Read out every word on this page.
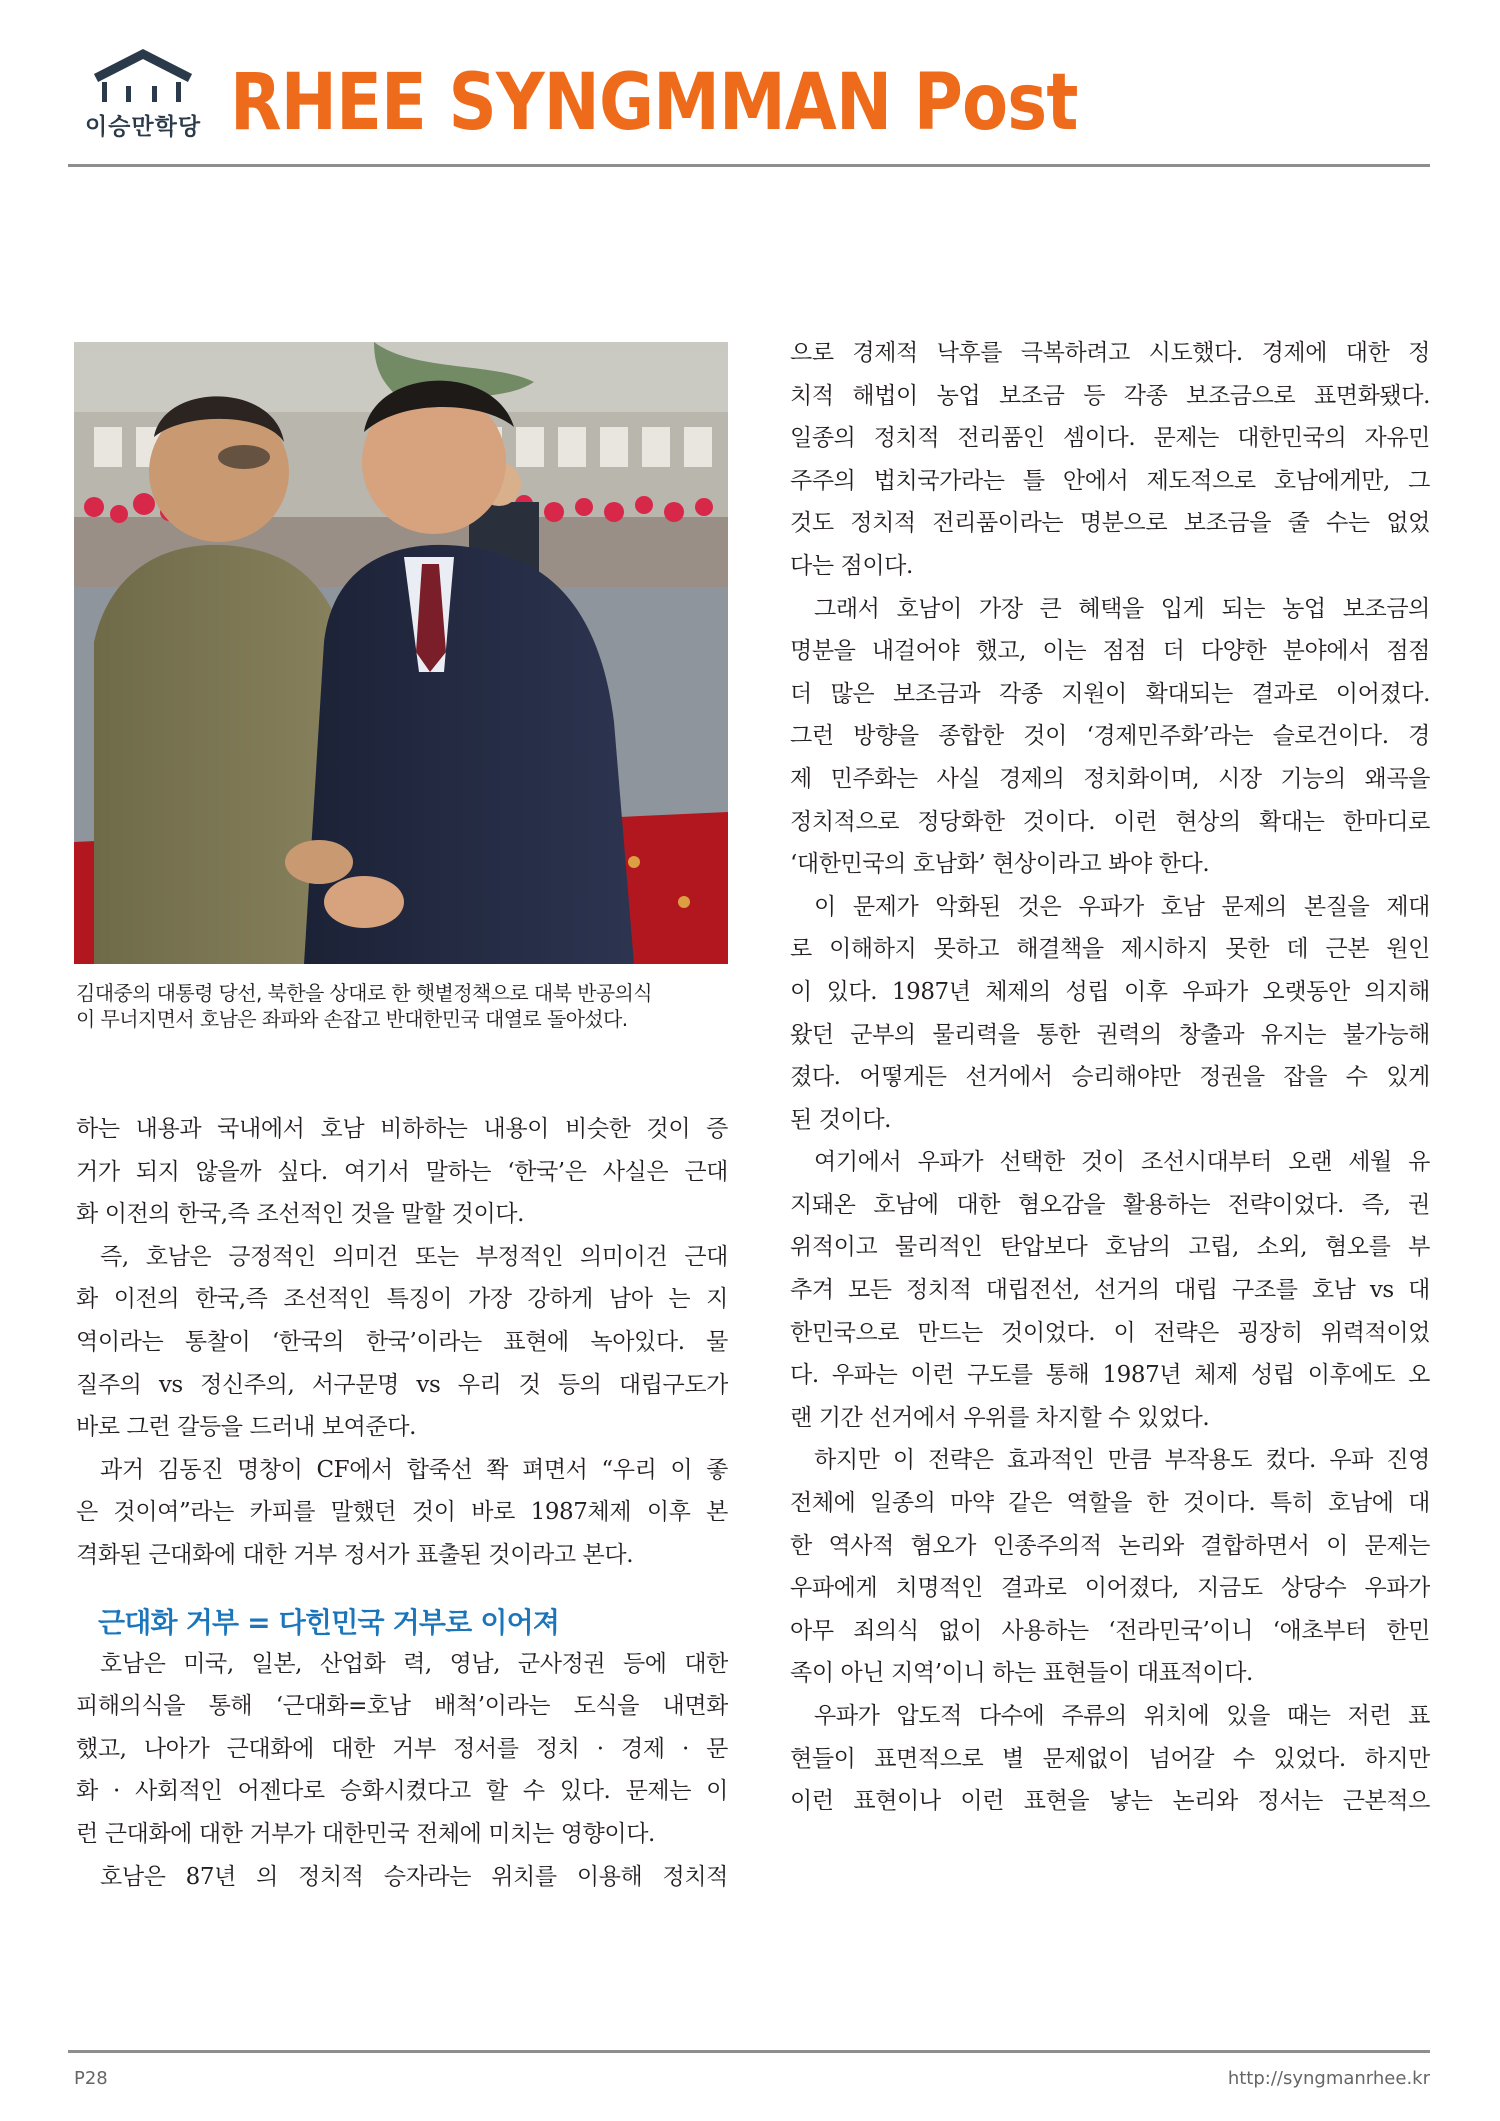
이승만학당 RHEE SYNGMMAN Post
김대중의 대통령 당선, 북한을 상대로 한 햇볕정책으로 대북 반공의식
이 무너지면서 호남은 좌파와 손잡고 반대한민국 대열로 돌아섰다.
하는 내용과 국내에서 호남 비하하는 내용이 비슷한 것이 증
거가 되지 않을까 싶다. 여기서 말하는 ‘한국’은 사실은 근대
화 이전의 한국,즉 조선적인 것을 말할 것이다.
즉, 호남은 긍정적인 의미건 또는 부정적인 의미이건 근대
화 이전의 한국,즉 조선적인 특징이 가장 강하게 남아 는 지
역이라는 통찰이 ‘한국의 한국’이라는 표현에 녹아있다. 물
질주의 vs 정신주의, 서구문명 vs 우리 것 등의 대립구도가
바로 그런 갈등을 드러내 보여준다.
과거 김동진 명창이 CF에서 합죽선 쫙 펴면서 “우리 이 좋
은 것이여”라는 카피를 말했던 것이 바로 1987체제 이후 본
격화된 근대화에 대한 거부 정서가 표출된 것이라고 본다.
근대화 거부 = 다힌민국 거부로 이어져
호남은 미국, 일본, 산업화 력, 영남, 군사정권 등에 대한
피해의식을 통해 ‘근대화=호남 배척’이라는 도식을 내면화
했고, 나아가 근대화에 대한 거부 정서를 정치 · 경제 · 문
화 · 사회적인 어젠다로 승화시켰다고 할 수 있다. 문제는 이
런 근대화에 대한 거부가 대한민국 전체에 미치는 영향이다.
호남은 87년 의 정치적 승자라는 위치를 이용해 정치적
으로 경제적 낙후를 극복하려고 시도했다. 경제에 대한 정
치적 해법이 농업 보조금 등 각종 보조금으로 표면화됐다.
일종의 정치적 전리품인 셈이다. 문제는 대한민국의 자유민
주주의 법치국가라는 틀 안에서 제도적으로 호남에게만, 그
것도 정치적 전리품이라는 명분으로 보조금을 줄 수는 없었
다는 점이다.
그래서 호남이 가장 큰 혜택을 입게 되는 농업 보조금의
명분을 내걸어야 했고, 이는 점점 더 다양한 분야에서 점점
더 많은 보조금과 각종 지원이 확대되는 결과로 이어졌다.
그런 방향을 종합한 것이 ‘경제민주화’라는 슬로건이다. 경
제 민주화는 사실 경제의 정치화이며, 시장 기능의 왜곡을
정치적으로 정당화한 것이다. 이런 현상의 확대는 한마디로
‘대한민국의 호남화’ 현상이라고 봐야 한다.
이 문제가 악화된 것은 우파가 호남 문제의 본질을 제대
로 이해하지 못하고 해결책을 제시하지 못한 데 근본 원인
이 있다. 1987년 체제의 성립 이후 우파가 오랫동안 의지해
왔던 군부의 물리력을 통한 권력의 창출과 유지는 불가능해
졌다. 어떻게든 선거에서 승리해야만 정권을 잡을 수 있게
된 것이다.
여기에서 우파가 선택한 것이 조선시대부터 오랜 세월 유
지돼온 호남에 대한 혐오감을 활용하는 전략이었다. 즉, 권
위적이고 물리적인 탄압보다 호남의 고립, 소외, 혐오를 부
추겨 모든 정치적 대립전선, 선거의 대립 구조를 호남 vs 대
한민국으로 만드는 것이었다. 이 전략은 굉장히 위력적이었
다. 우파는 이런 구도를 통해 1987년 체제 성립 이후에도 오
랜 기간 선거에서 우위를 차지할 수 있었다.
하지만 이 전략은 효과적인 만큼 부작용도 컸다. 우파 진영
전체에 일종의 마약 같은 역할을 한 것이다. 특히 호남에 대
한 역사적 혐오가 인종주의적 논리와 결합하면서 이 문제는
우파에게 치명적인 결과로 이어졌다, 지금도 상당수 우파가
아무 죄의식 없이 사용하는 ‘전라민국’이니 ‘애초부터 한민
족이 아닌 지역’이니 하는 표현들이 대표적이다.
우파가 압도적 다수에 주류의 위치에 있을 때는 저런 표
현들이 표면적으로 별 문제없이 넘어갈 수 있었다. 하지만
이런 표현이나 이런 표현을 낳는 논리와 정서는 근본적으
P28	http://syngmanrhee.kr
